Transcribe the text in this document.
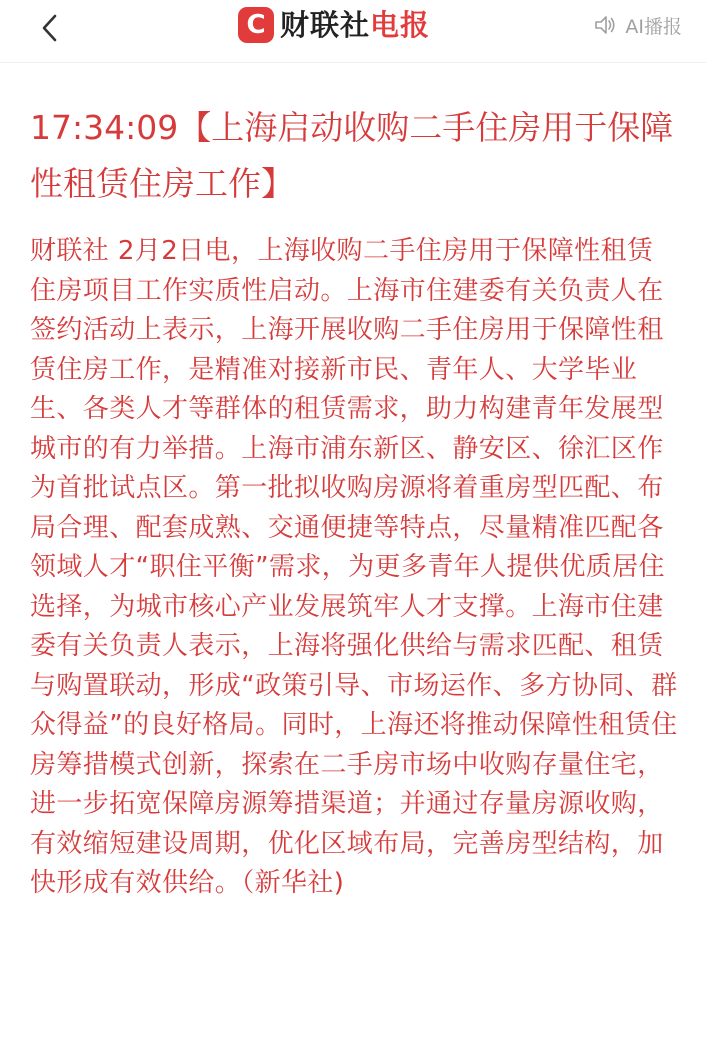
C 财联社电报	AI播报
17:34:09【上海启动收购二手住房用于保障性租赁住房工作】
财联社 2月2日电，上海收购二手住房用于保障性租赁住房项目工作实质性启动。上海市住建委有关负责人在签约活动上表示，上海开展收购二手住房用于保障性租赁住房工作，是精准对接新市民、青年人、大学毕业生、各类人才等群体的租赁需求，助力构建青年发展型城市的有力举措。上海市浦东新区、静安区、徐汇区作为首批试点区。第一批拟收购房源将着重房型匹配、布局合理、配套成熟、交通便捷等特点，尽量精准匹配各领域人才“职住平衡”需求，为更多青年人提供优质居住选择，为城市核心产业发展筑牢人才支撑。上海市住建委有关负责人表示，上海将强化供给与需求匹配、租赁与购置联动，形成“政策引导、市场运作、多方协同、群众得益”的良好格局。同时，上海还将推动保障性租赁住房筹措模式创新，探索在二手房市场中收购存量住宅，进一步拓宽保障房源筹措渠道；并通过存量房源收购，有效缩短建设周期，优化区域布局，完善房型结构，加快形成有效供给。（新华社)
